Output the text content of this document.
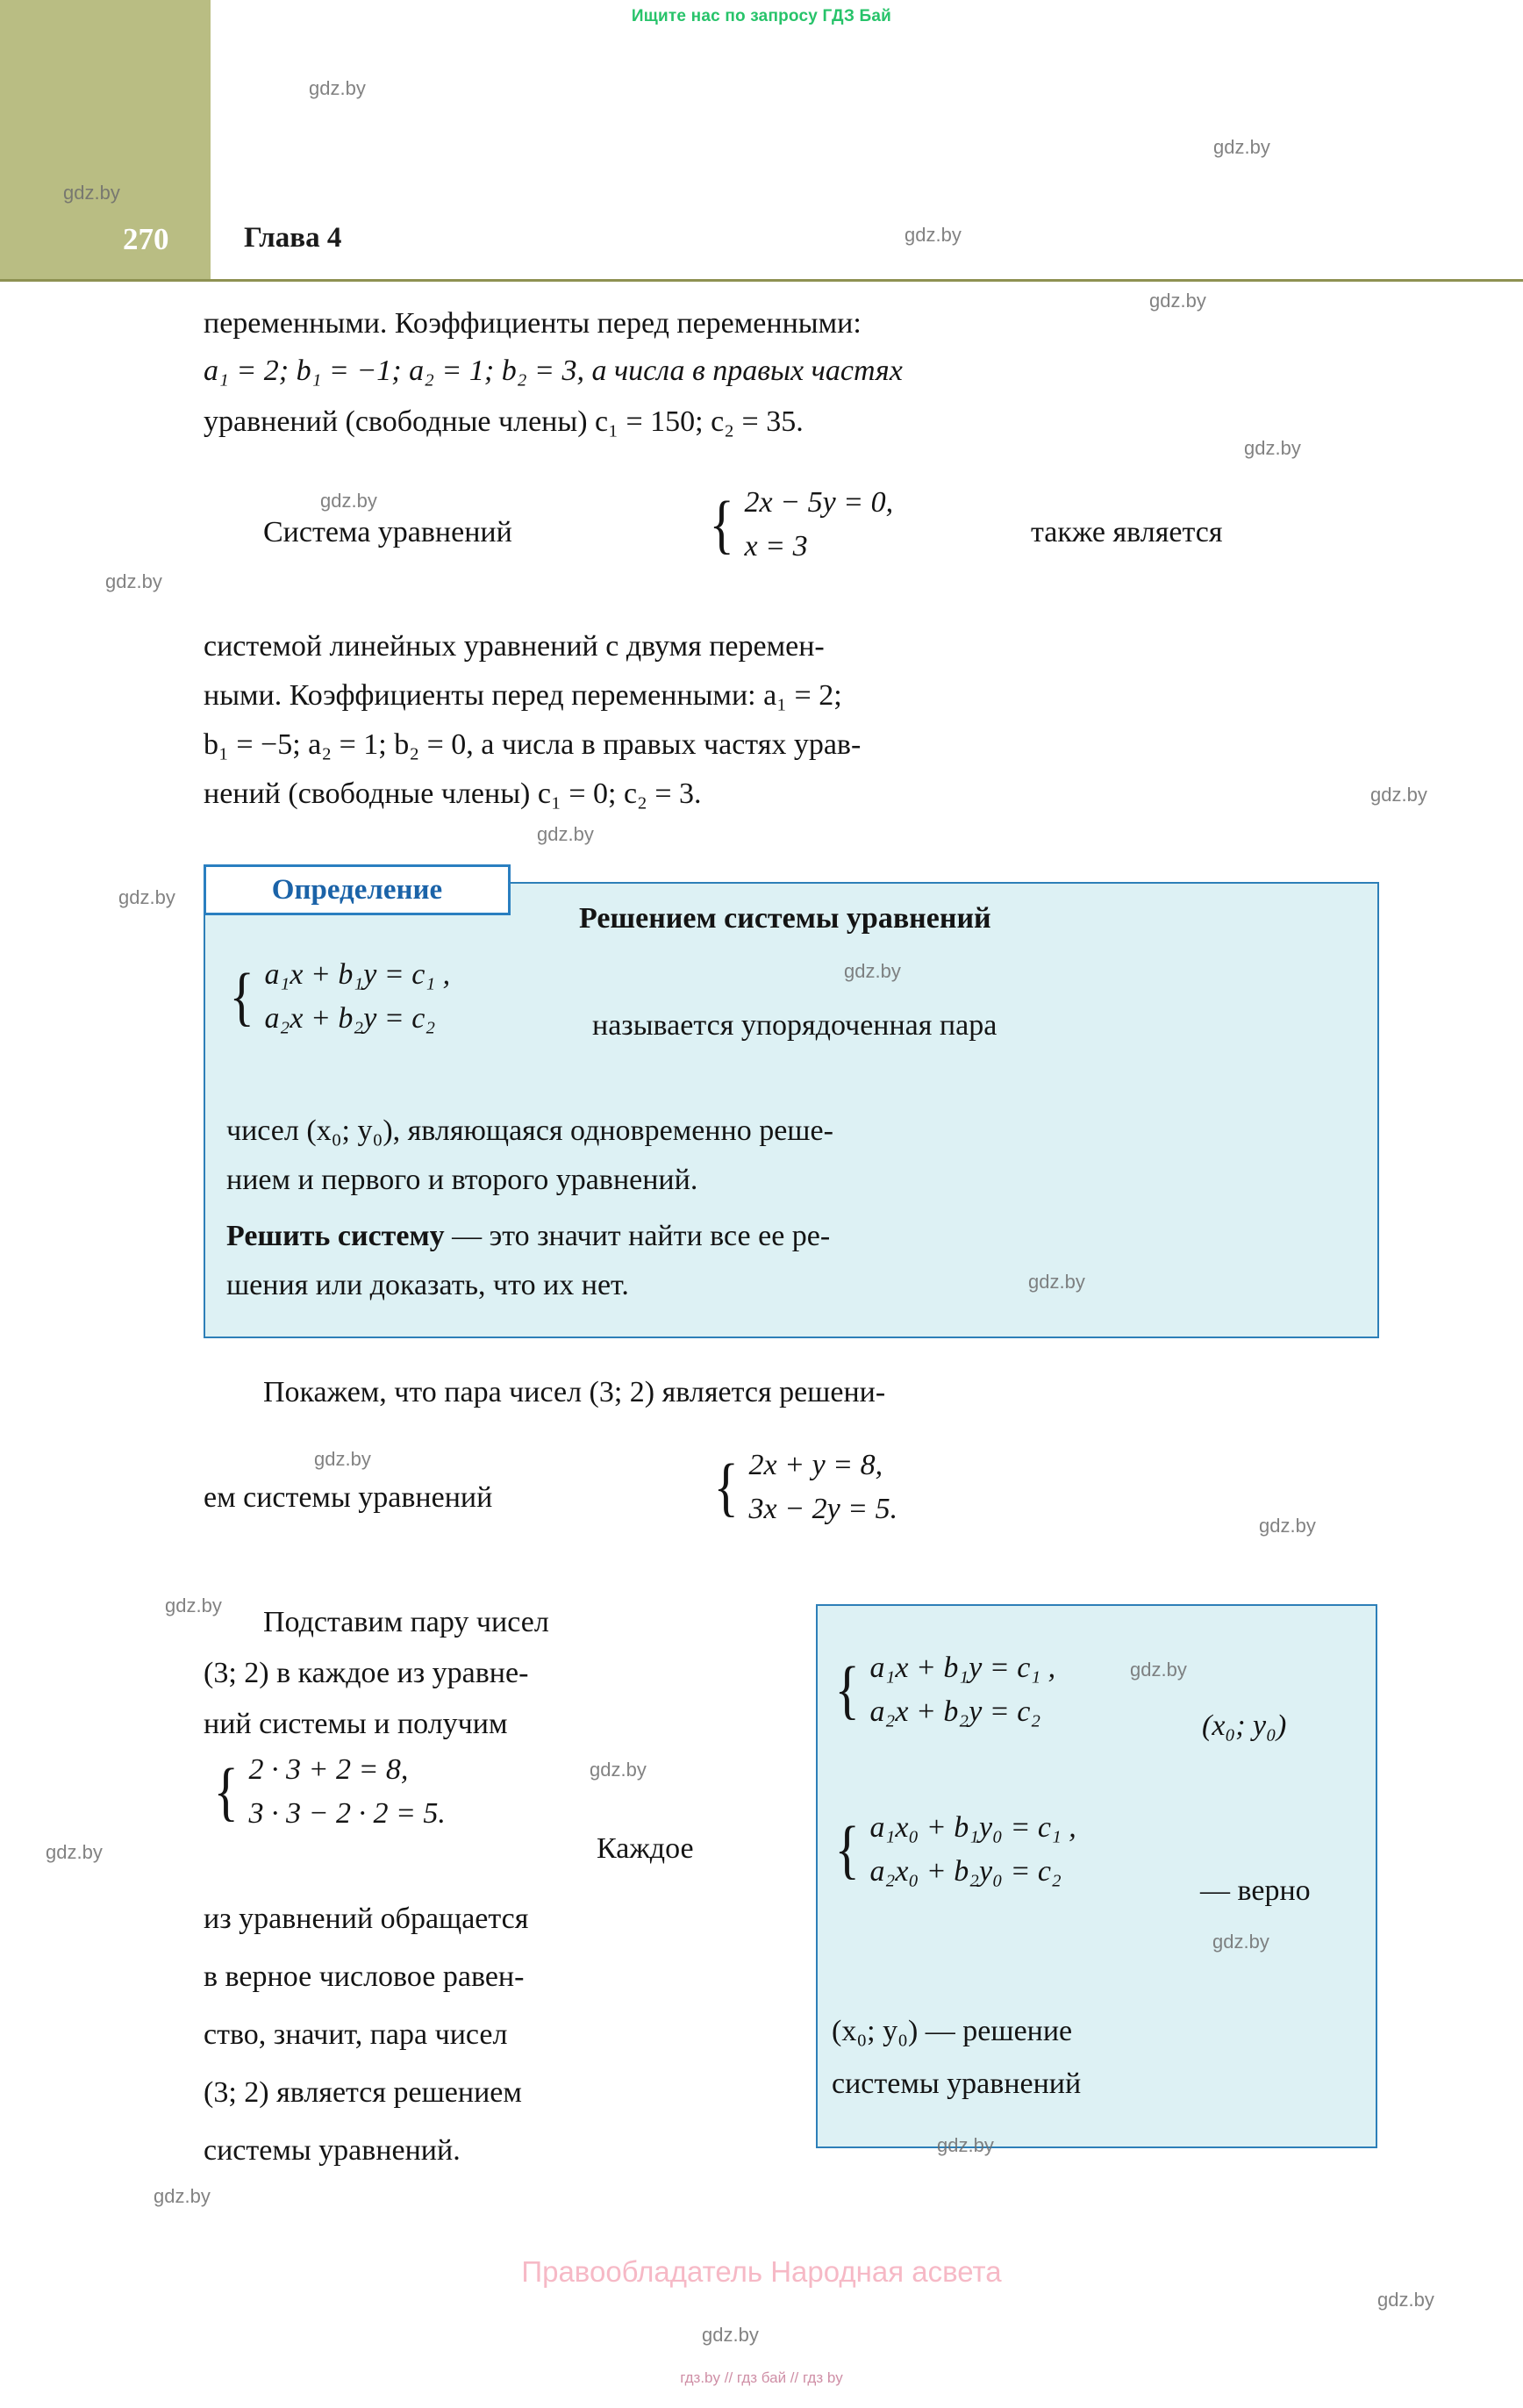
Ищите нас по запросу ГДЗ Бай
270	Глава 4
переменными. Коэффициенты перед переменными:
a₁ = 2; b₁ = −1; a₂ = 1; b₂ = 3, а числа в правых частях
уравнений (свободные члены) c₁ = 150; c₂ = 35.
Система уравнений	{ 2x − 5y = 0,
x = 3	также является
системой линейных уравнений с двумя перемен-
ными. Коэффициенты перед переменными: a₁ = 2;
b₁ = −5; a₂ = 1; b₂ = 0, а числа в правых частях урав-
нений (свободные члены) c₁ = 0; c₂ = 3.
Определение
Решением системы уравнений
{ a₁x + b₁y = c₁ ,
a₂x + b₂y = c₂	называется упорядоченная пара
чисел (x₀; y₀), являющаяся одновременно реше-
нием и первого и второго уравнений.
Решить систему — это значит найти все ее ре-
шения или доказать, что их нет.
Покажем, что пара чисел (3; 2) является решени-
ем системы уравнений	{ 2x + y = 8,
3x − 2y = 5.
Подставим пару чисел
(3; 2) в каждое из уравне-
ний системы и получим
{ 2 · 3 + 2 = 8,
3 · 3 − 2 · 2 = 5.
Каждое
из уравнений обращается
в верное числовое равен-
ство, значит, пара чисел
(3; 2) является решением
системы уравнений.
{ a₁x + b₁y = c₁ ,
a₂x + b₂y = c₂	(x₀; y₀)
{ a₁x₀ + b₁y₀ = c₁ ,
a₂x₀ + b₂y₀ = c₂
— верно
(x₀; y₀) — решение
системы уравнений
Правообладатель Народная асвета
гдз.by // гдз бай // гдз by
gdz.by
gdz.by
gdz.by
gdz.by
gdz.by
gdz.by
gdz.by
gdz.by
gdz.by
gdz.by
gdz.by
gdz.by
gdz.by
gdz.by
gdz.by
gdz.by
gdz.by
gdz.by
gdz.by
gdz.by
gdz.by
gdz.by
gdz.by
gdz.by
